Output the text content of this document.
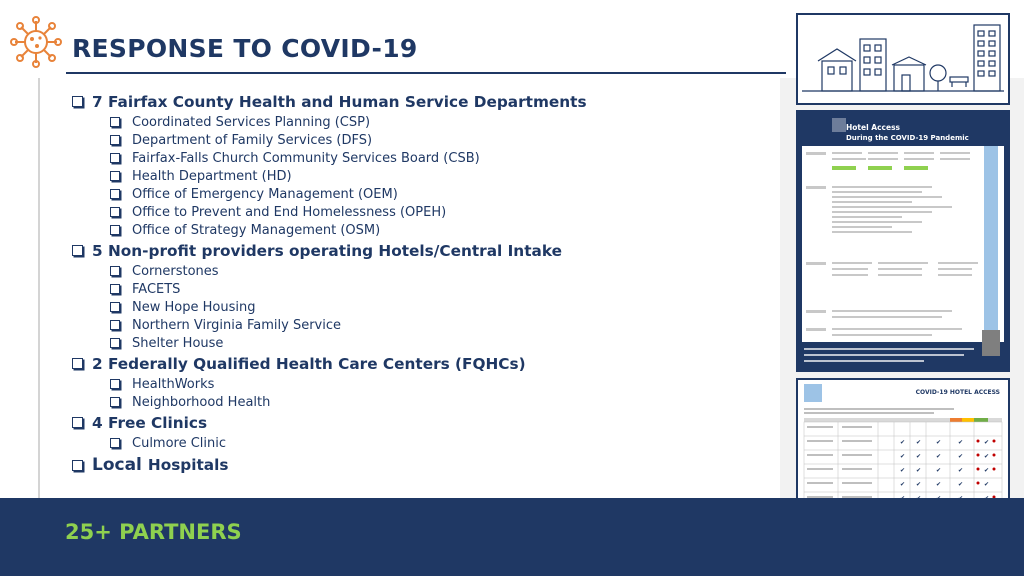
RESPONSE TO COVID-19
7 Fairfax County Health and Human Service Departments
Coordinated Services Planning (CSP)
Department of Family Services (DFS)
Fairfax-Falls Church Community Services Board (CSB)
Health Department (HD)
Office of Emergency Management (OEM)
Office to Prevent and End Homelessness (OPEH)
Office of Strategy Management (OSM)
5 Non-profit providers operating Hotels/Central Intake
Cornerstones
FACETS
New Hope Housing
Northern Virginia Family Service
Shelter House
2 Federally Qualified Health Care Centers (FQHCs)
HealthWorks
Neighborhood Health
4 Free Clinics
Culmore Clinic
Local Hospitals
Hotel Access
During the COVID-19 Pandemic
COVID-19 HOTEL ACCESS
✔ ✔ ✔	✔	✔
✔ ✔ ✔	✔	✔
✔ ✔ ✔	✔	✔
✔ ✔ ✔	✔	✔
25+ PARTNERS
